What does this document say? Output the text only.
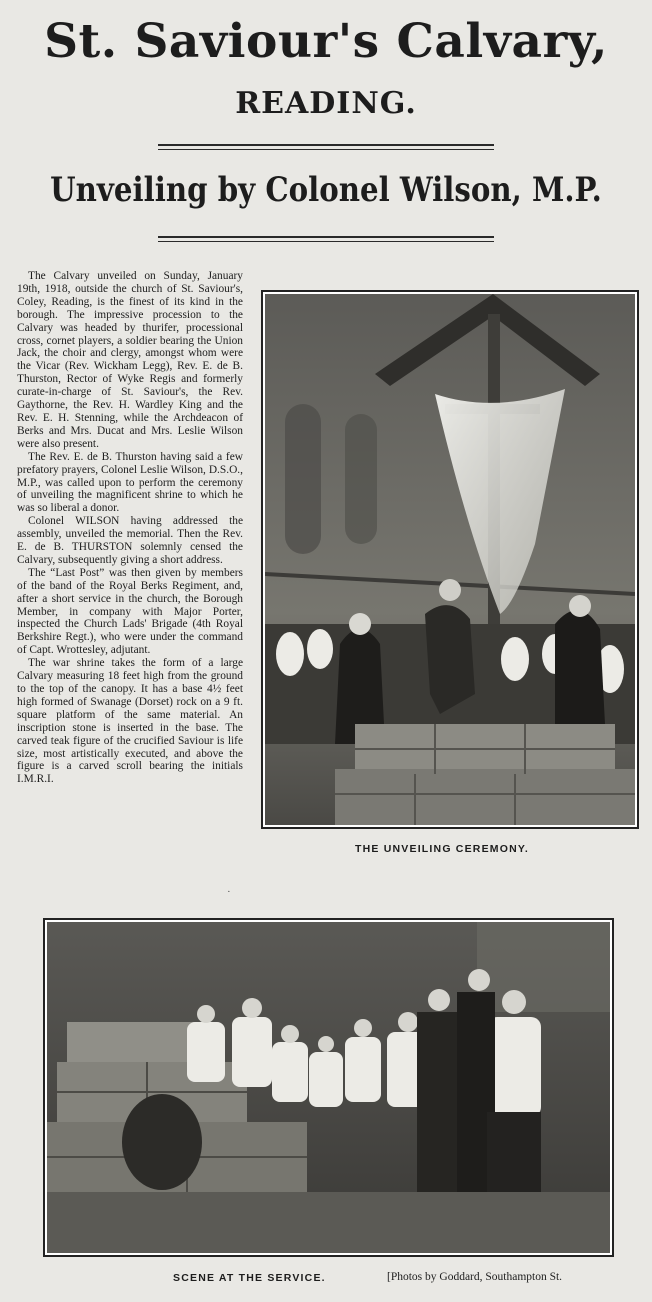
St. Saviour's Calvary,
READING.
Unveiling by Colonel Wilson, M.P.

The Calvary unveiled on Sunday, January 19th, 1918, outside the church of St. Saviour's, Coley, Reading, is the finest of its kind in the borough. The impressive procession to the Calvary was headed by thurifer, processional cross, cornet players, a soldier bearing the Union Jack, the choir and clergy, amongst whom were the Vicar (Rev. Wickham Legg), Rev. E. de B. Thurston, Rector of Wyke Regis and formerly curate-in-charge of St. Saviour's, the Rev. Gaythorne, the Rev. H. Wardley King and the Rev. E. H. Stenning, while the Archdeacon of Berks and Mrs. Ducat and Mrs. Leslie Wilson were also present.

The Rev. E. de B. Thurston having said a few prefatory prayers, Colonel Leslie Wilson, D.S.O., M.P., was called upon to perform the ceremony of unveiling the magnificent shrine to which he was so liberal a donor.

Colonel WILSON having addressed the assembly, unveiled the memorial. Then the Rev. E. de B. THURSTON solemnly censed the Calvary, subsequently giving a short address.

The “Last Post” was then given by members of the band of the Royal Berks Regiment, and, after a short service in the church, the Borough Member, in company with Major Porter, inspected the Church Lads' Brigade (4th Royal Berkshire Regt.), who were under the command of Capt. Wrottesley, adjutant.

The war shrine takes the form of a large Calvary measuring 18 feet high from the ground to the top of the canopy. It has a base 4½ feet high formed of Swanage (Dorset) rock on a 9 ft. square platform of the same material. An inscription stone is inserted in the base. The carved teak figure of the crucified Saviour is life size, most artistically executed, and above the figure is a carved scroll bearing the initials I.M.R.I.

THE UNVEILING CEREMONY.
·
SCENE AT THE SERVICE.	[Photos by Goddard, Southampton St.
